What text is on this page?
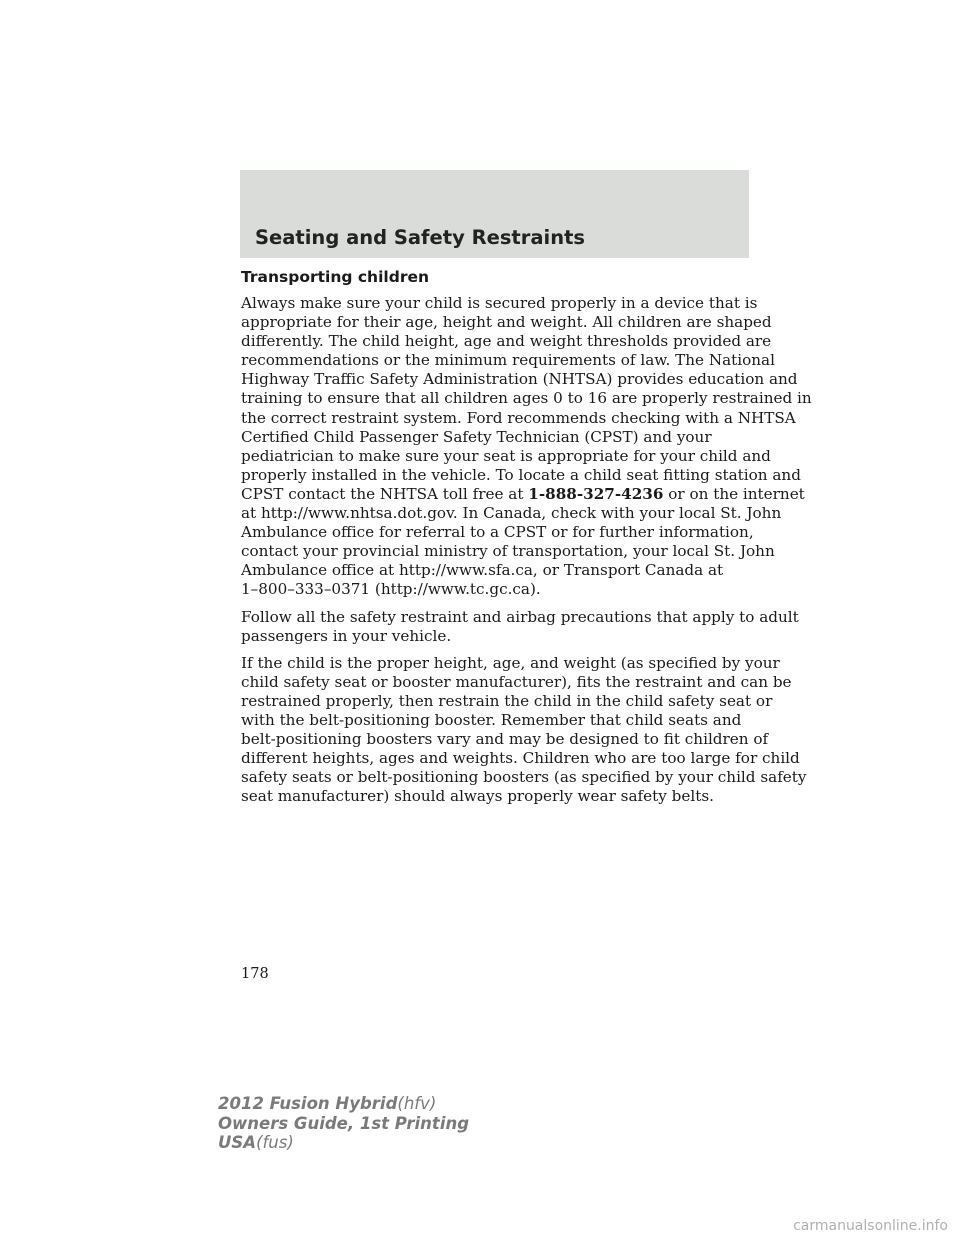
Seating and Safety Restraints
Transporting children

Always make sure your child is secured properly in a device that is
appropriate for their age, height and weight. All children are shaped
differently. The child height, age and weight thresholds provided are
recommendations or the minimum requirements of law. The National
Highway Traffic Safety Administration (NHTSA) provides education and
training to ensure that all children ages 0 to 16 are properly restrained in
the correct restraint system. Ford recommends checking with a NHTSA
Certified Child Passenger Safety Technician (CPST) and your
pediatrician to make sure your seat is appropriate for your child and
properly installed in the vehicle. To locate a child seat fitting station and
CPST contact the NHTSA toll free at 1-888-327-4236 or on the internet
at http://www.nhtsa.dot.gov. In Canada, check with your local St. John
Ambulance office for referral to a CPST or for further information,
contact your provincial ministry of transportation, your local St. John
Ambulance office at http://www.sfa.ca, or Transport Canada at
1–800–333–0371 (http://www.tc.gc.ca).

Follow all the safety restraint and airbag precautions that apply to adult
passengers in your vehicle.

If the child is the proper height, age, and weight (as specified by your
child safety seat or booster manufacturer), fits the restraint and can be
restrained properly, then restrain the child in the child safety seat or
with the belt-positioning booster. Remember that child seats and
belt-positioning boosters vary and may be designed to fit children of
different heights, ages and weights. Children who are too large for child
safety seats or belt-positioning boosters (as specified by your child safety
seat manufacturer) should always properly wear safety belts.

178

2012 Fusion Hybrid(hfv)
Owners Guide, 1st Printing
USA(fus)
carmanualsonline.info
